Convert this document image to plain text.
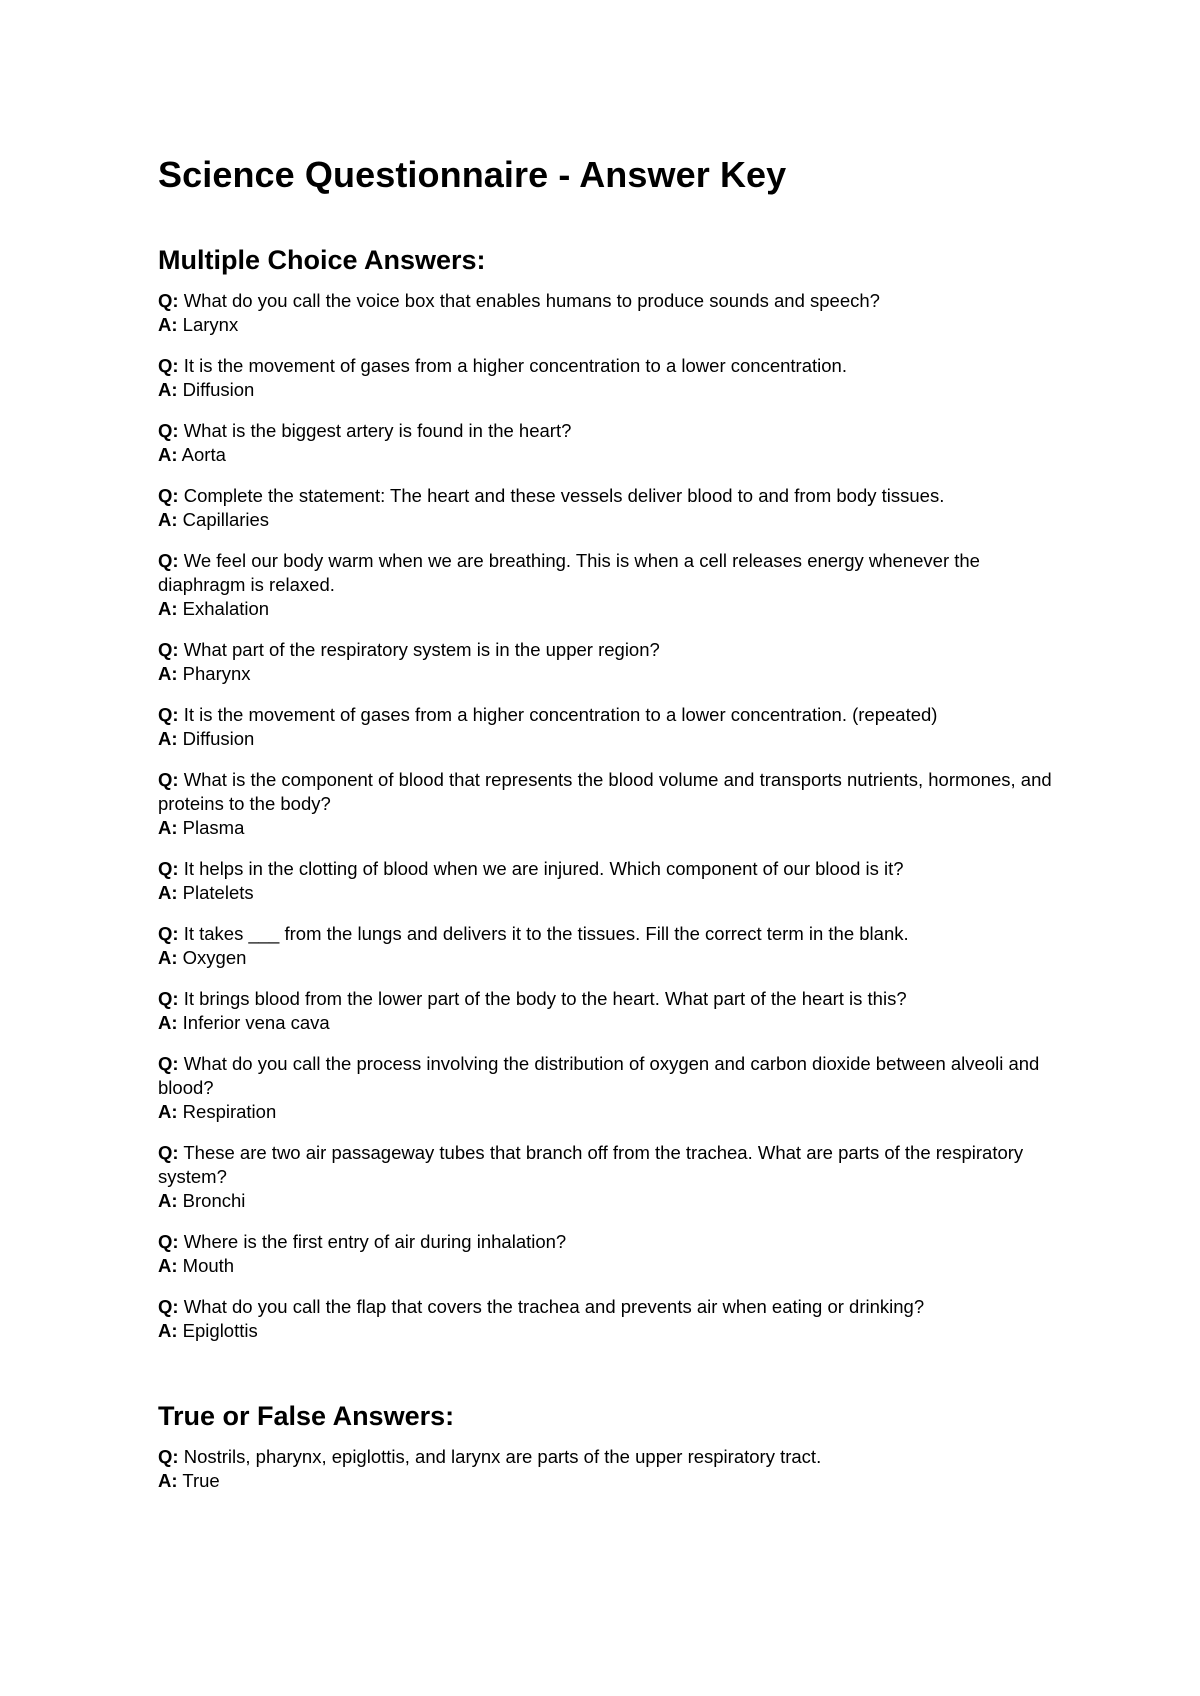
Science Questionnaire - Answer Key
Multiple Choice Answers:
Q: What do you call the voice box that enables humans to produce sounds and speech?
A: Larynx
Q: It is the movement of gases from a higher concentration to a lower concentration.
A: Diffusion
Q: What is the biggest artery is found in the heart?
A: Aorta
Q: Complete the statement: The heart and these vessels deliver blood to and from body tissues.
A: Capillaries
Q: We feel our body warm when we are breathing. This is when a cell releases energy whenever the diaphragm is relaxed.
A: Exhalation
Q: What part of the respiratory system is in the upper region?
A: Pharynx
Q: It is the movement of gases from a higher concentration to a lower concentration. (repeated)
A: Diffusion
Q: What is the component of blood that represents the blood volume and transports nutrients, hormones, and proteins to the body?
A: Plasma
Q: It helps in the clotting of blood when we are injured. Which component of our blood is it?
A: Platelets
Q: It takes ___ from the lungs and delivers it to the tissues. Fill the correct term in the blank.
A: Oxygen
Q: It brings blood from the lower part of the body to the heart. What part of the heart is this?
A: Inferior vena cava
Q: What do you call the process involving the distribution of oxygen and carbon dioxide between alveoli and blood?
A: Respiration
Q: These are two air passageway tubes that branch off from the trachea. What are parts of the respiratory system?
A: Bronchi
Q: Where is the first entry of air during inhalation?
A: Mouth
Q: What do you call the flap that covers the trachea and prevents air when eating or drinking?
A: Epiglottis
True or False Answers:
Q: Nostrils, pharynx, epiglottis, and larynx are parts of the upper respiratory tract.
A: True
